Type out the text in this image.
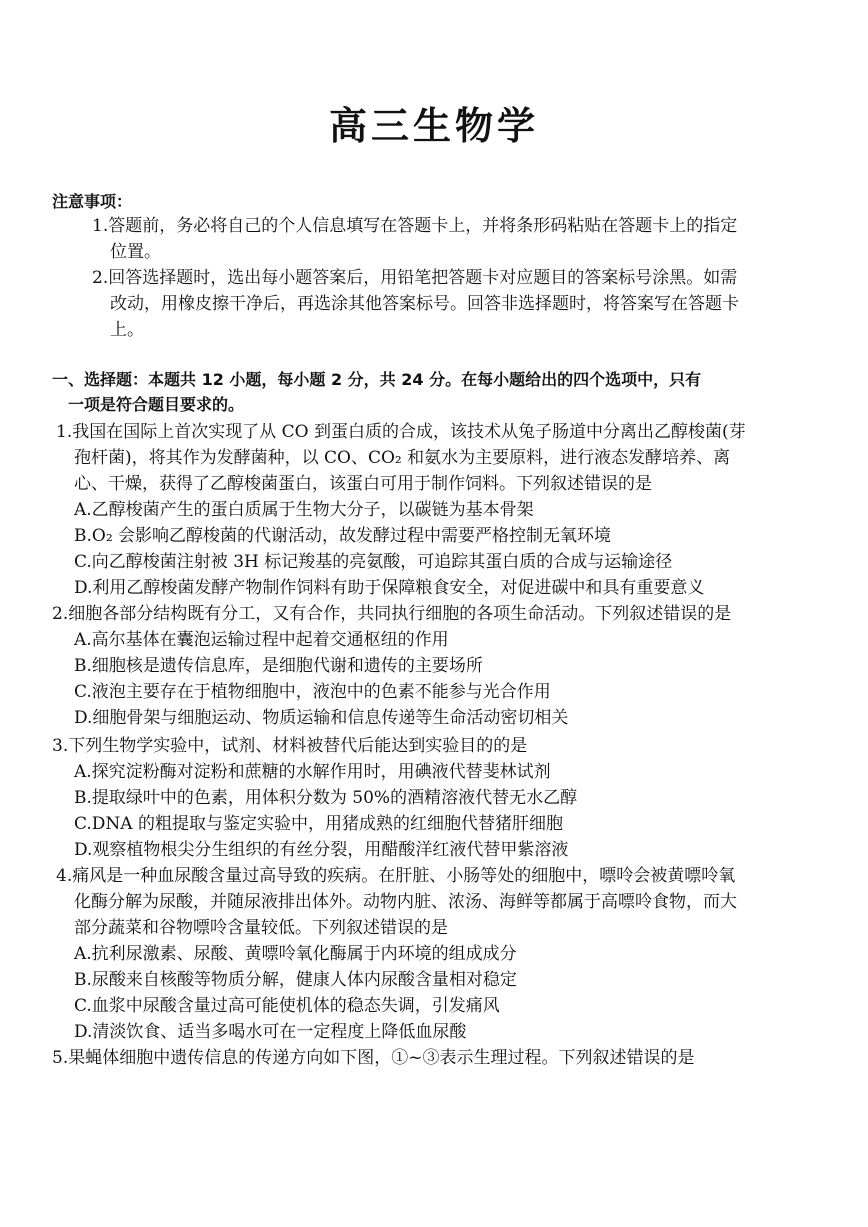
高三生物学
注意事项：
1.答题前，务必将自己的个人信息填写在答题卡上，并将条形码粘贴在答题卡上的指定
位置。
2.回答选择题时，选出每小题答案后，用铅笔把答题卡对应题目的答案标号涂黑。如需
改动，用橡皮擦干净后，再选涂其他答案标号。回答非选择题时，将答案写在答题卡
上。
一、选择题：本题共 12 小题，每小题 2 分，共 24 分。在每小题给出的四个选项中，只有
一项是符合题目要求的。
1.我国在国际上首次实现了从 CO 到蛋白质的合成，该技术从兔子肠道中分离出乙醇梭菌(芽
孢杆菌)，将其作为发酵菌种，以 CO、CO₂ 和氨水为主要原料，进行液态发酵培养、离
心、干燥，获得了乙醇梭菌蛋白，该蛋白可用于制作饲料。下列叙述错误的是
A.乙醇梭菌产生的蛋白质属于生物大分子，以碳链为基本骨架
B.O₂ 会影响乙醇梭菌的代谢活动，故发酵过程中需要严格控制无氧环境
C.向乙醇梭菌注射被 3H 标记羧基的亮氨酸，可追踪其蛋白质的合成与运输途径
D.利用乙醇梭菌发酵产物制作饲料有助于保障粮食安全，对促进碳中和具有重要意义
2.细胞各部分结构既有分工，又有合作，共同执行细胞的各项生命活动。下列叙述错误的是
A.高尔基体在囊泡运输过程中起着交通枢纽的作用
B.细胞核是遗传信息库，是细胞代谢和遗传的主要场所
C.液泡主要存在于植物细胞中，液泡中的色素不能参与光合作用
D.细胞骨架与细胞运动、物质运输和信息传递等生命活动密切相关
3.下列生物学实验中，试剂、材料被替代后能达到实验目的的是
A.探究淀粉酶对淀粉和蔗糖的水解作用时，用碘液代替斐林试剂
B.提取绿叶中的色素，用体积分数为 50%的酒精溶液代替无水乙醇
C.DNA 的粗提取与鉴定实验中，用猪成熟的红细胞代替猪肝细胞
D.观察植物根尖分生组织的有丝分裂，用醋酸洋红液代替甲紫溶液
4.痛风是一种血尿酸含量过高导致的疾病。在肝脏、小肠等处的细胞中，嘌呤会被黄嘌呤氧
化酶分解为尿酸，并随尿液排出体外。动物内脏、浓汤、海鲜等都属于高嘌呤食物，而大
部分蔬菜和谷物嘌呤含量较低。下列叙述错误的是
A.抗利尿激素、尿酸、黄嘌呤氧化酶属于内环境的组成成分
B.尿酸来自核酸等物质分解，健康人体内尿酸含量相对稳定
C.血浆中尿酸含量过高可能使机体的稳态失调，引发痛风
D.清淡饮食、适当多喝水可在一定程度上降低血尿酸
5.果蝇体细胞中遗传信息的传递方向如下图，①~③表示生理过程。下列叙述错误的是
